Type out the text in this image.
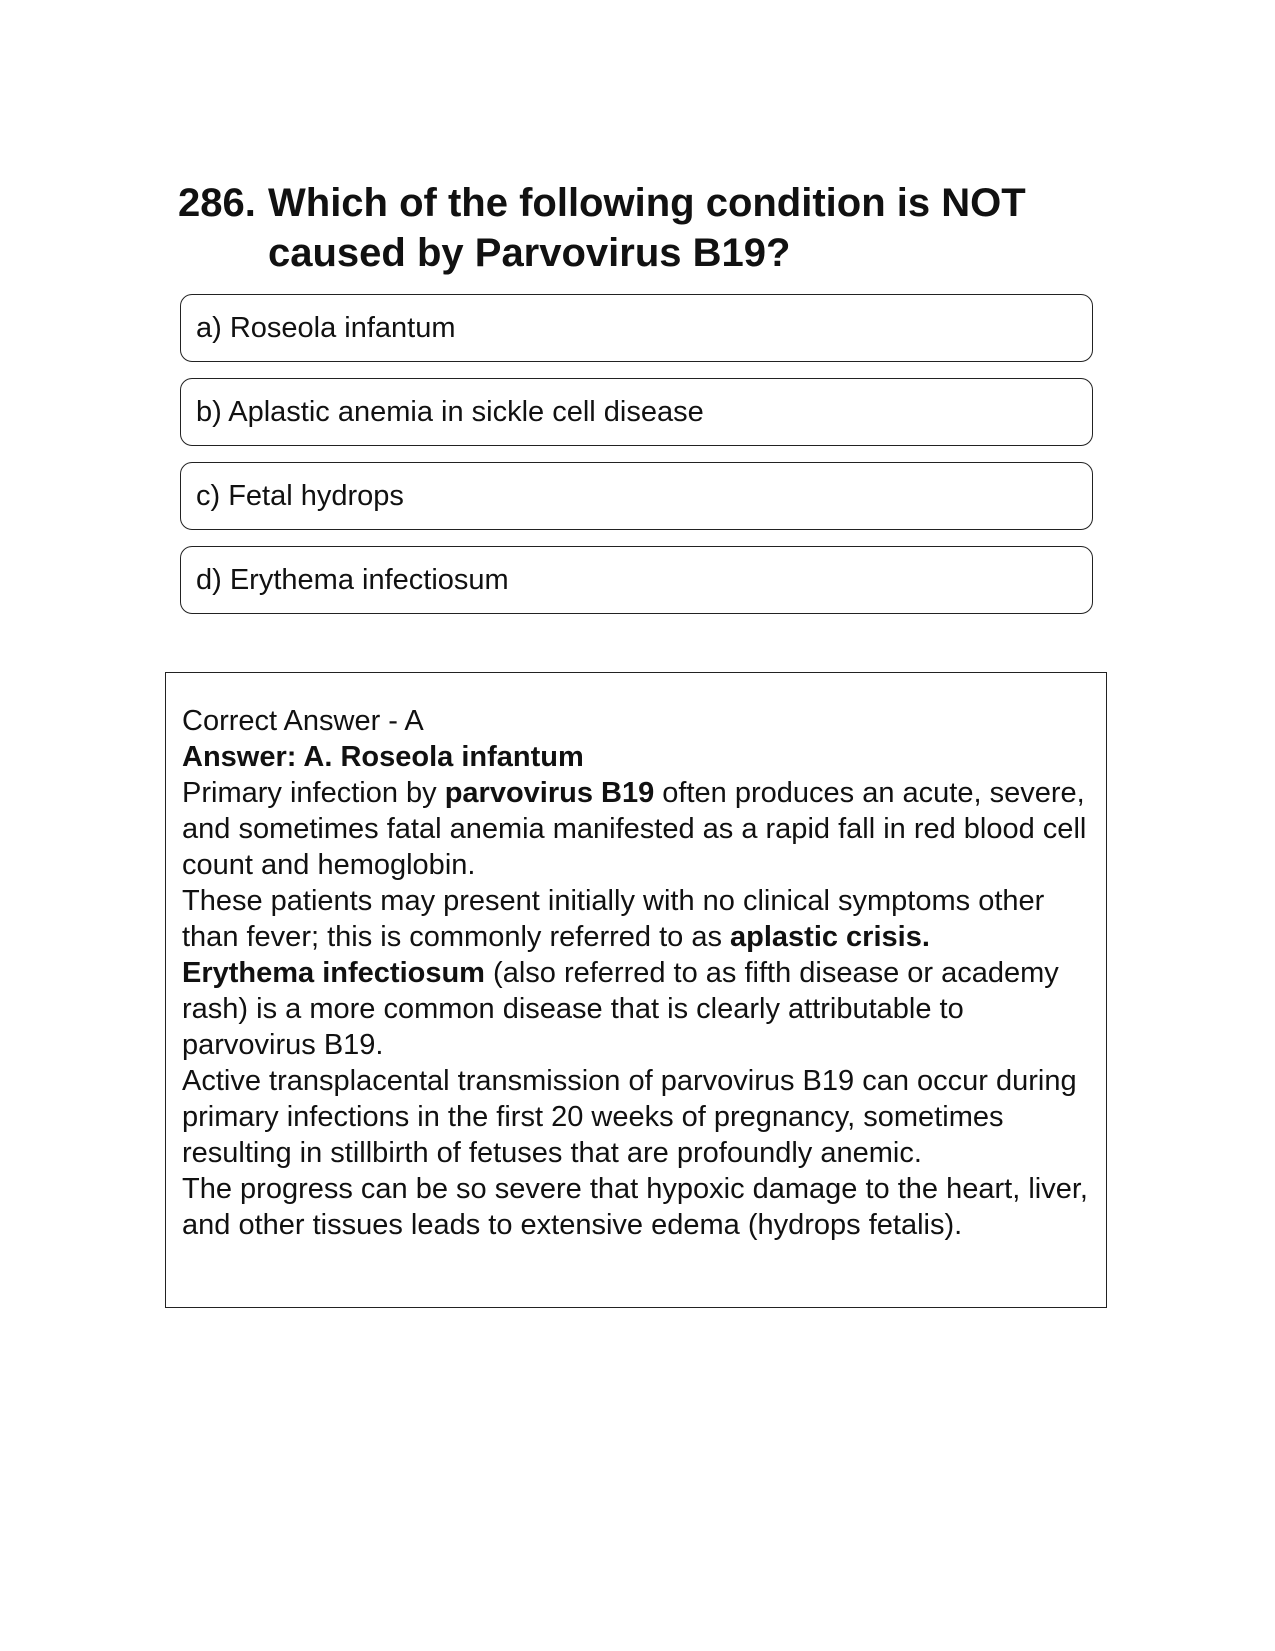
286. Which of the following condition is NOT caused by Parvovirus B19?
a) Roseola infantum
b) Aplastic anemia in sickle cell disease
c) Fetal hydrops
d) Erythema infectiosum

Correct Answer - A

Answer: A. Roseola infantum

Primary infection by parvovirus B19 often produces an acute, severe, and sometimes fatal anemia manifested as a rapid fall in red blood cell count and hemoglobin.

These patients may present initially with no clinical symptoms other than fever; this is commonly referred to as aplastic crisis.

Erythema infectiosum (also referred to as fifth disease or academy rash) is a more common disease that is clearly attributable to parvovirus B19.

Active transplacental transmission of parvovirus B19 can occur during primary infections in the first 20 weeks of pregnancy, sometimes resulting in stillbirth of fetuses that are profoundly anemic.

The progress can be so severe that hypoxic damage to the heart, liver, and other tissues leads to extensive edema (hydrops fetalis).
